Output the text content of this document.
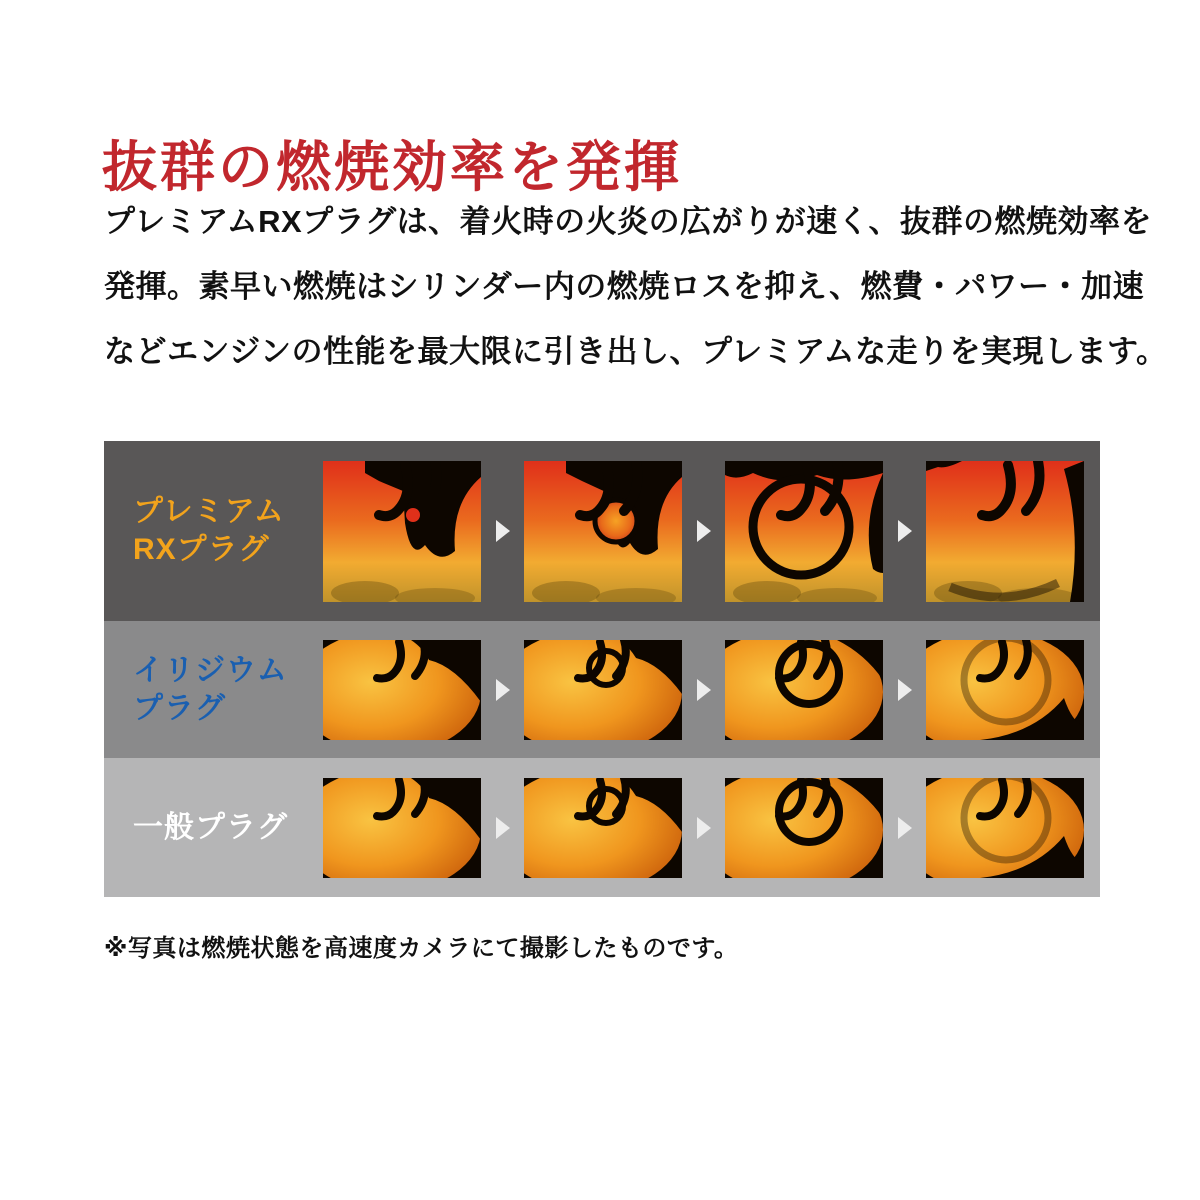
抜群の燃焼効率を発揮
プレミアムRXプラグは、着火時の火炎の広がりが速く、抜群の燃焼効率を
発揮。素早い燃焼はシリンダー内の燃焼ロスを抑え、燃費・パワー・加速
などエンジンの性能を最大限に引き出し、プレミアムな走りを実現します。
プレミアム
RXプラグ
イリジウム
プラグ
一般プラグ
※写真は燃焼状態を高速度カメラにて撮影したものです。
